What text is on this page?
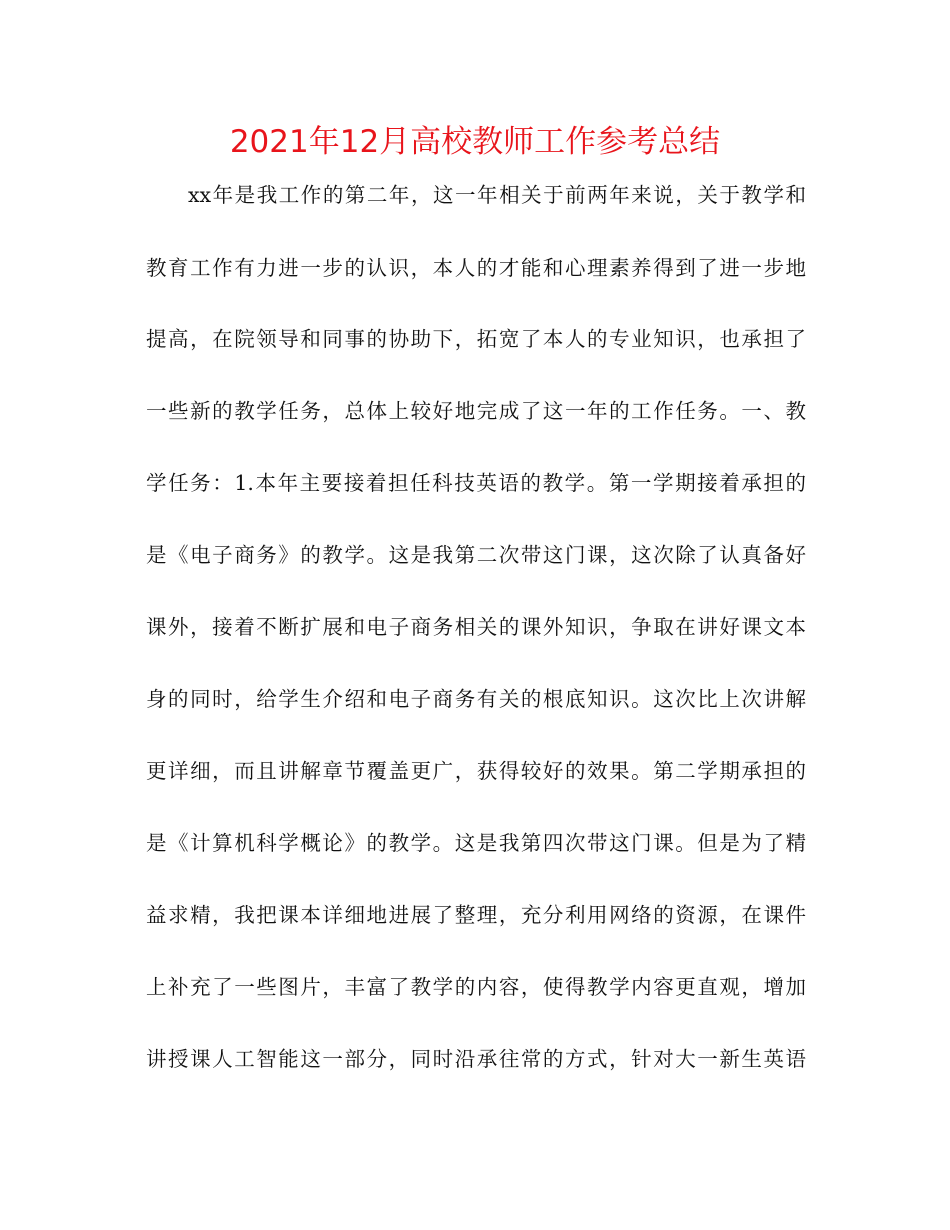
2021年12月高校教师工作参考总结
xx年是我工作的第二年，这一年相关于前两年来说，关于教学和
教育工作有力进一步的认识，本人的才能和心理素养得到了进一步地
提高，在院领导和同事的协助下，拓宽了本人的专业知识，也承担了
一些新的教学任务，总体上较好地完成了这一年的工作任务。一、教
学任务：1.本年主要接着担任科技英语的教学。第一学期接着承担的
是《电子商务》的教学。这是我第二次带这门课，这次除了认真备好
课外，接着不断扩展和电子商务相关的课外知识，争取在讲好课文本
身的同时，给学生介绍和电子商务有关的根底知识。这次比上次讲解
更详细，而且讲解章节覆盖更广，获得较好的效果。第二学期承担的
是《计算机科学概论》的教学。这是我第四次带这门课。但是为了精
益求精，我把课本详细地进展了整理，充分利用网络的资源，在课件
上补充了一些图片，丰富了教学的内容，使得教学内容更直观，增加
讲授课人工智能这一部分，同时沿承往常的方式，针对大一新生英语
